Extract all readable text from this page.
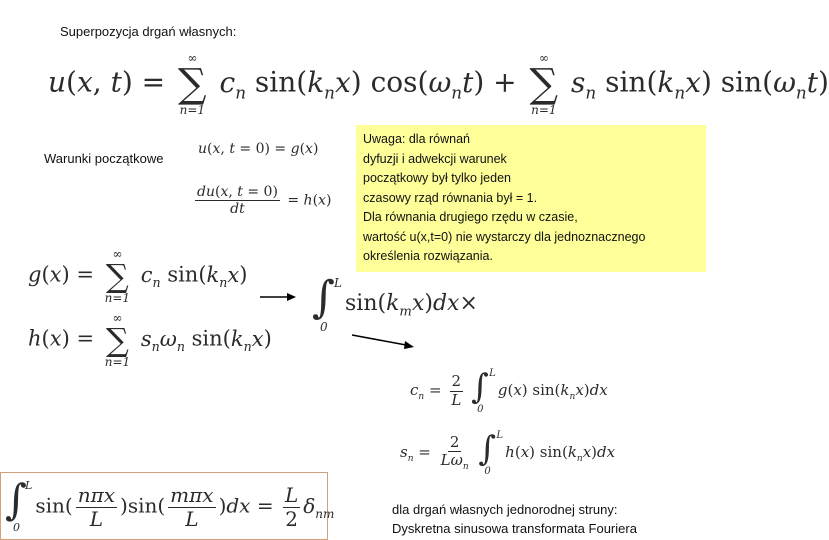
Superpozycja drgań własnych:
u(x, t) =
∞
∑
n=1
$c_n$ $\sin(k_nx) \cos(\omega_nt)$ +
∞
∑
n=1
$s_n$ $\sin(k_nx)$ $\sin(\omega_nt)$
Warunki początkowe
u(x, t = 0) = g(x)
$\frac{du(x, t = 0)}{dt} = h(x)$
Uwaga: dla równań
dyfuzji i adwekcji warunek
początkowy był tylko jeden
czasowy rząd równania był = 1.
Dla równania drugiego rzędu w czasie,
wartość u(x,t=0) nie wystarczy dla jednoznacznego
określenia rozwiązania.
g(x) =
∞
∑
n=1
$c_n$ $\sin(k_nx)$
h(x) =
∞
∑
n=1
$s_n\omega_n$ $\sin(k_nx)$
∫ L
0
$\sin(k_mx)dx\times$
$c_n = \frac{2}{L}$
∫ L
0
g(x) $\sin(k_nx)dx$
$s_n = \frac{2}{L\omega_n}$
∫ L
0
h(x) $\sin(k_nx)dx$
∫
L
0
$\sin( \frac{\text{nπx}}{L} )\sin( \frac{\text{mπx}}{L} )dx = \frac{L}{2} \delta_{nm}$	dla drgań własnych jednorodnej struny:
Dyskretna sinusowa transformata Fouriera
